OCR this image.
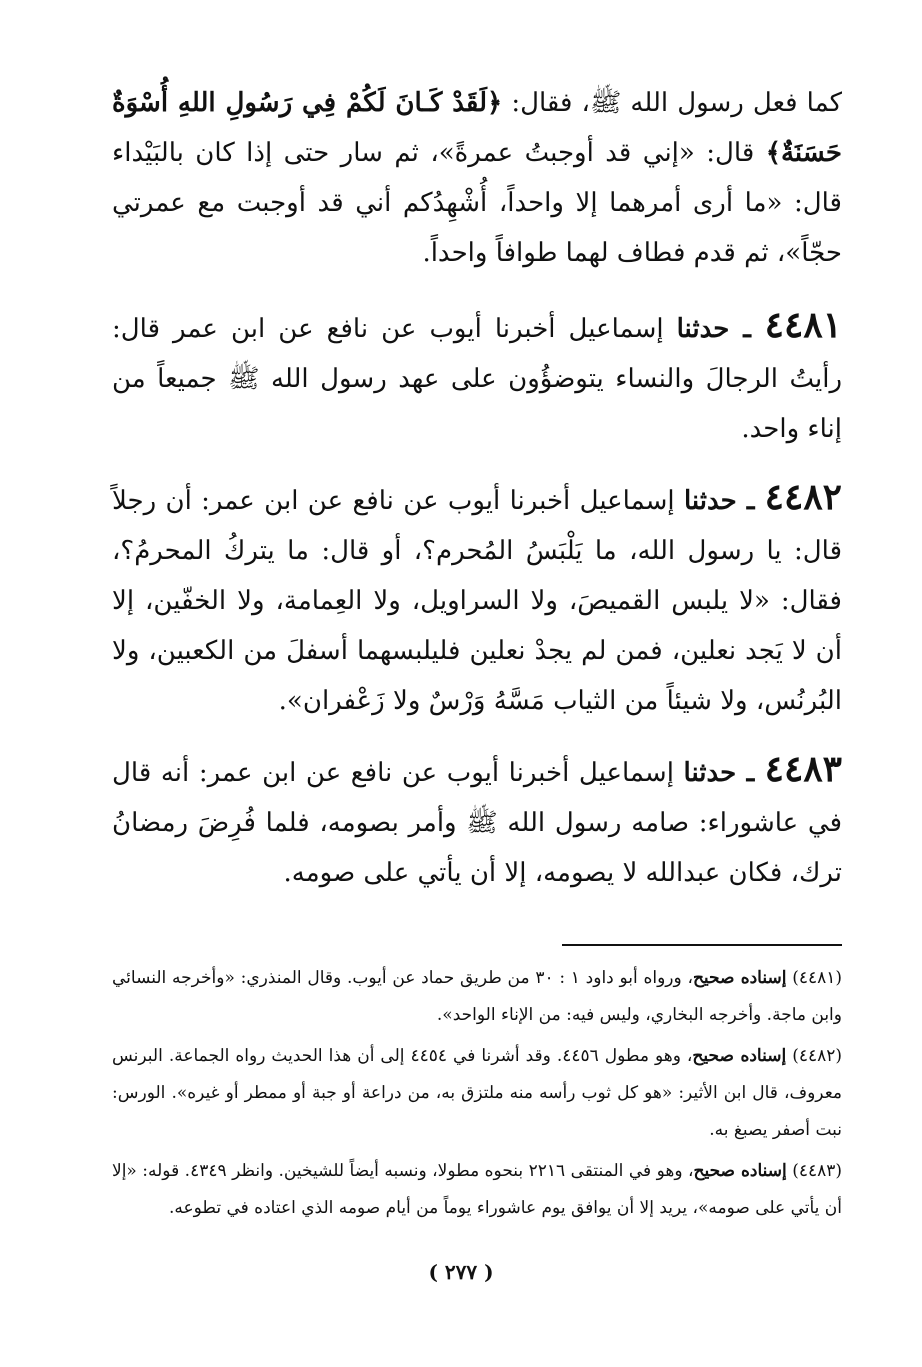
كما فعل رسول الله ﷺ، فقال: ﴿لَقَدْ كَـانَ لَكُمْ فِي رَسُولِ اللهِ أُسْوَةٌ حَسَنَةٌ﴾ قال: «إني قد أوجبتُ عمرةً»، ثم سار حتى إذا كان بالبَيْداء قال: «ما أرى أمرهما إلا واحداً، أُشْهِدُكم أني قد أوجبت مع عمرتي حجّاً»، ثم قدم فطاف لهما طوافاً واحداً.

٤٤٨١ ـ حدثنا إسماعيل أخبرنا أيوب عن نافع عن ابن عمر قال: رأيتُ الرجالَ والنساء يتوضؤُون على عهد رسول الله ﷺ جميعاً من إناء واحد.

٤٤٨٢ ـ حدثنا إسماعيل أخبرنا أيوب عن نافع عن ابن عمر: أن رجلاً قال: يا رسول الله، ما يَلْبَسُ المُحرم؟، أو قال: ما يتركُ المحرمُ؟، فقال: «لا يلبس القميصَ، ولا السراويل، ولا العِمامة، ولا الخفّين، إلا أن لا يَجد نعلين، فمن لم يجدْ نعلين فليلبسهما أسفلَ من الكعبين، ولا البُرنُس، ولا شيئاً من الثياب مَسَّهُ وَرْسٌ ولا زَعْفران».

٤٤٨٣ ـ حدثنا إسماعيل أخبرنا أيوب عن نافع عن ابن عمر: أنه قال في عاشوراء: صامه رسول الله ﷺ وأمر بصومه، فلما فُرِضَ رمضانُ ترك، فكان عبدالله لا يصومه، إلا أن يأتي على صومه.

(٤٤٨١) إسناده صحيح، ورواه أبو داود ١ : ٣٠ من طريق حماد عن أيوب. وقال المنذري: «وأخرجه النسائي وابن ماجة. وأخرجه البخاري، وليس فيه: من الإناء الواحد».

(٤٤٨٢) إسناده صحيح، وهو مطول ٤٤٥٦. وقد أشرنا في ٤٤٥٤ إلى أن هذا الحديث رواه الجماعة. البرنس معروف، قال ابن الأثير: «هو كل ثوب رأسه منه ملتزق به، من دراعة أو جبة أو ممطر أو غيره». الورس: نبت أصفر يصبغ به.

(٤٤٨٣) إسناده صحيح، وهو في المنتقى ٢٢١٦ بنحوه مطولا، ونسبه أيضاً للشيخين. وانظر ٤٣٤٩. قوله: «إلا أن يأتي على صومه»، يريد إلا أن يوافق يوم عاشوراء يوماً من أيام صومه الذي اعتاده في تطوعه.

( ٢٧٧ )
